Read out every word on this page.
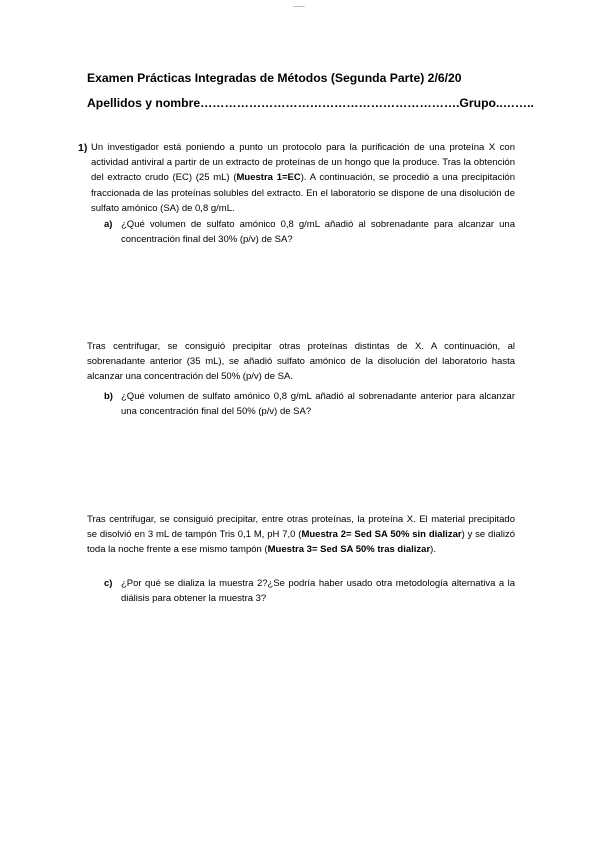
___
Examen Prácticas Integradas de Métodos (Segunda Parte) 2/6/20
Apellidos y nombre……………………………………………………….Grupo..……..
1) Un investigador está poniendo a punto un protocolo para la purificación de una proteína X con actividad antiviral a partir de un extracto de proteínas de un hongo que la produce. Tras la obtención del extracto crudo (EC) (25 mL) (Muestra 1=EC). A continuación, se procedió a una precipitación fraccionada de las proteínas solubles del extracto. En el laboratorio se dispone de una disolución de sulfato amónico (SA) de 0,8 g/mL.
a) ¿Qué volumen de sulfato amónico 0,8 g/mL añadió al sobrenadante para alcanzar una concentración final del 30% (p/v) de SA?
Tras centrifugar, se consiguió precipitar otras proteínas distintas de X. A continuación, al sobrenadante anterior (35 mL), se añadió sulfato amónico de la disolución del laboratorio hasta alcanzar una concentración del 50% (p/v) de SA.
b) ¿Qué volumen de sulfato amónico 0,8 g/mL añadió al sobrenadante anterior para alcanzar una concentración final del 50% (p/v) de SA?
Tras centrifugar, se consiguió precipitar, entre otras proteínas, la proteína X. El material precipitado se disolvió en 3 mL de tampón Tris 0,1 M, pH 7,0 (Muestra 2= Sed SA 50% sin dializar) y se dializó toda la noche frente a ese mismo tampón (Muestra 3= Sed SA 50% tras dializar).
c) ¿Por qué se dializa la muestra 2?¿Se podría haber usado otra metodología alternativa a la diálisis para obtener la muestra 3?
